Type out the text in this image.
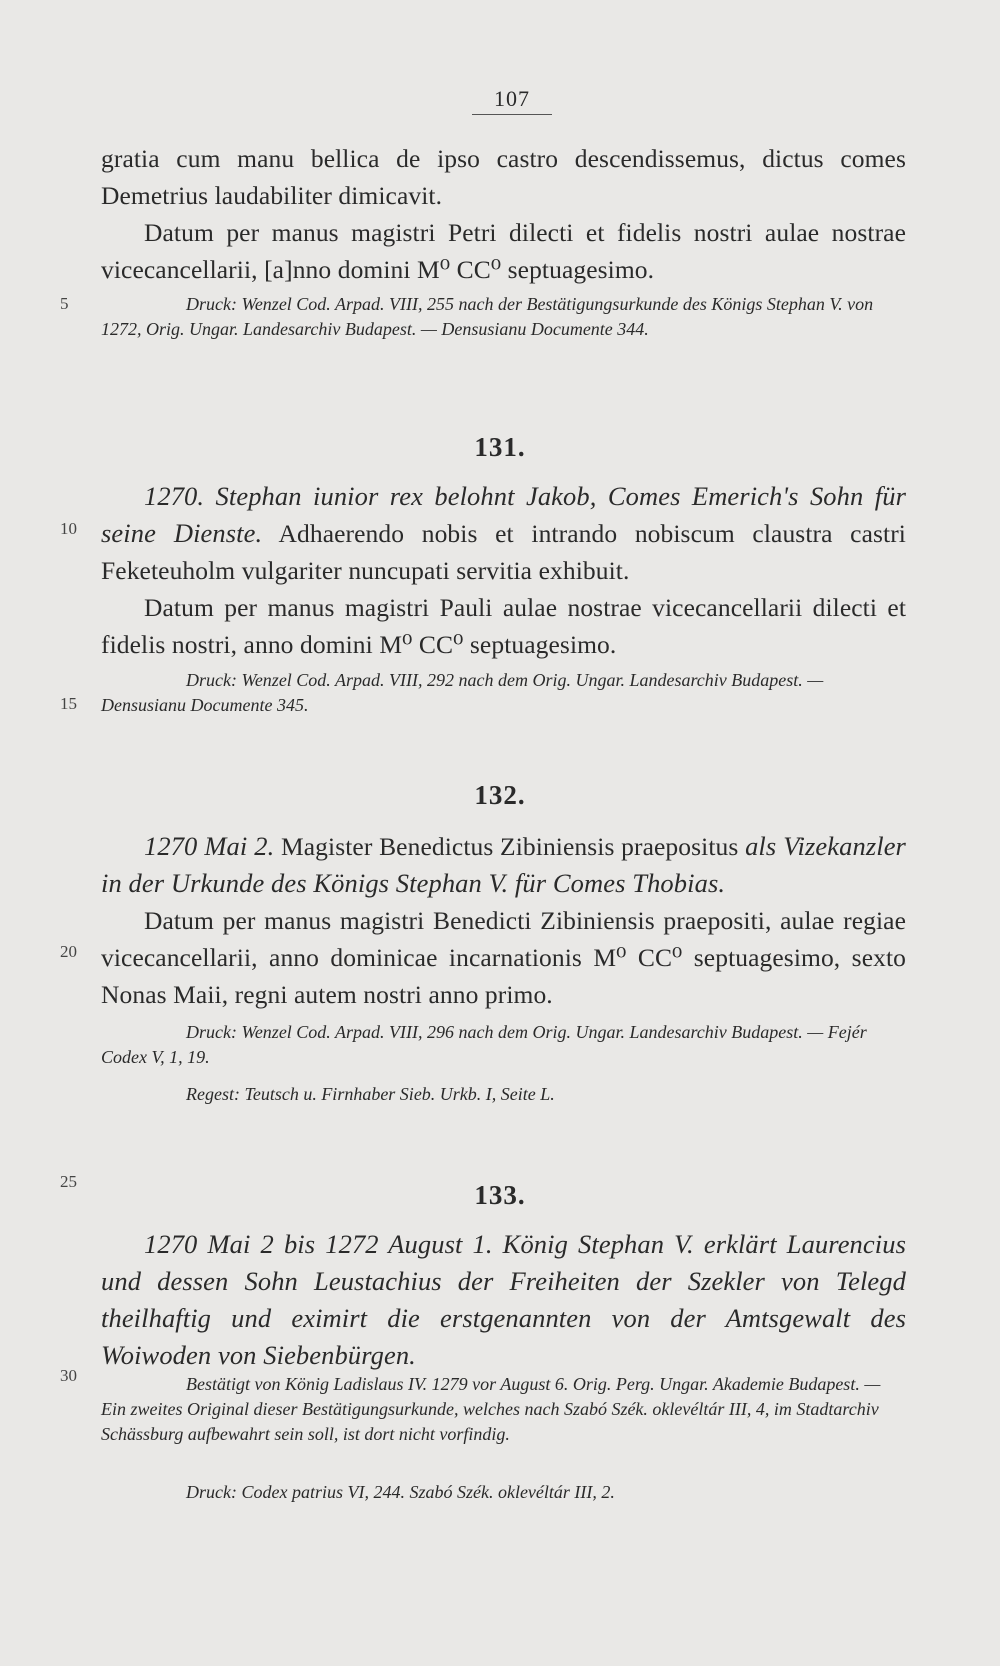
107
5
10
15
20
25
30

gratia cum manu bellica de ipso castro descendissemus, dictus comes Demetrius laudabiliter dimicavit.

Datum per manus magistri Petri dilecti et fidelis nostri aulae nostrae vicecancellarii, [a]nno domini M⁰ CC⁰ septuagesimo.

Druck: Wenzel Cod. Arpad. VIII, 255 nach der Bestätigungsurkunde des Königs Stephan V. von 1272, Orig. Ungar. Landesarchiv Budapest. — Densusianu Documente 344.

131.

1270. Stephan iunior rex belohnt Jakob, Comes Emerich's Sohn für seine Dienste. Adhaerendo nobis et intrando nobiscum claustra castri Feketeuholm vulgariter nuncupati servitia exhibuit.

Datum per manus magistri Pauli aulae nostrae vicecancellarii dilecti et fidelis nostri, anno domini M⁰ CC⁰ septuagesimo.

Druck: Wenzel Cod. Arpad. VIII, 292 nach dem Orig. Ungar. Landesarchiv Budapest. — Densusianu Documente 345.

132.

1270 Mai 2. Magister Benedictus Zibiniensis praepositus als Vizekanzler in der Urkunde des Königs Stephan V. für Comes Thobias.

Datum per manus magistri Benedicti Zibiniensis praepositi, aulae regiae vicecancellarii, anno dominicae incarnationis M⁰ CC⁰ septuagesimo, sexto Nonas Maii, regni autem nostri anno primo.

Druck: Wenzel Cod. Arpad. VIII, 296 nach dem Orig. Ungar. Landesarchiv Budapest. — Fejér Codex V, 1, 19.

Regest: Teutsch u. Firnhaber Sieb. Urkb. I, Seite L.

133.

1270 Mai 2 bis 1272 August 1. König Stephan V. erklärt Laurencius und dessen Sohn Leustachius der Freiheiten der Szekler von Telegd theilhaftig und eximirt die erstgenannten von der Amtsgewalt des Woiwoden von Siebenbürgen.

Bestätigt von König Ladislaus IV. 1279 vor August 6. Orig. Perg. Ungar. Akademie Budapest. — Ein zweites Original dieser Bestätigungsurkunde, welches nach Szabó Szék. oklevéltár III, 4, im Stadtarchiv Schässburg aufbewahrt sein soll, ist dort nicht vorfindig.

Druck: Codex patrius VI, 244. Szabó Szék. oklevéltár III, 2.
